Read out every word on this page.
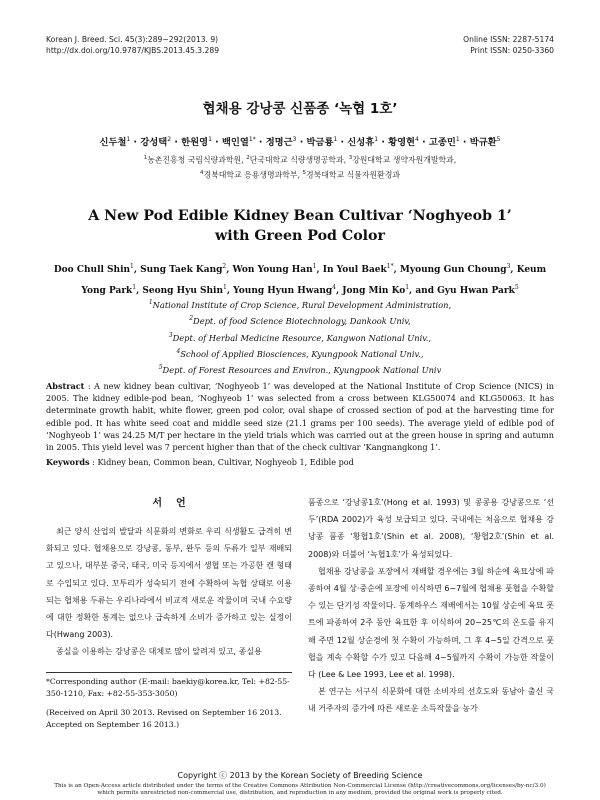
Korean J. Breed. Sci. 45(3):289~292(2013. 9)
http://dx.doi.org/10.9787/KJBS.2013.45.3.289
Online ISSN: 2287-5174
Print ISSN: 0250-3360
협채용 강낭콩 신품종 ‘녹협 1호’
신두철$^1$ · 강성택$^2$ · 한원영$^1$ · 백인열$^{1*}$ · 정명근$^3$ · 박금룡$^1$ · 신성휴$^1$ · 황영현$^4$ · 고종민$^1$ · 박규환$^5$
$^1$농촌진흥청 국립식량과학원, $^2$단국대학교 식량생명공학과, $^3$강원대학교 생약자원개발학과,
$^4$경북대학교 응용생명과학부, $^5$경북대학교 식물자원환경과
A New Pod Edible Kidney Bean Cultivar ‘Noghyeob 1’
with Green Pod Color
Doo Chull Shin$^1$, Sung Taek Kang$^2$, Won Young Han$^1$, In Youl Baek$^{1*}$, Myoung Gun Choung$^3$, Keum Yong Park$^1$, Seong Hyu Shin$^1$, Young Hyun Hwang$^4$, Jong Min Ko$^1$, and Gyu Hwan Park$^5$
$^1$National Institute of Crop Science, Rural Development Administration,
$^2$Dept. of food Science Biotechnology, Dankook Univ,
$^3$Dept. of Herbal Medicine Resource, Kangwon National Univ.,
$^4$School of Applied Biosciences, Kyungpook National Univ.,
$^5$Dept. of Forest Resources and Environ., Kyungpook National Univ
Abstract : A new kidney bean cultivar, ‘Noghyeob 1’ was developed at the National Institute of Crop Science (NICS) in 2005. The kidney edible-pod bean, ‘Noghyeob 1’ was selected from a cross between KLG50074 and KLG50063. It has determinate growth habit, white flower, green pod color, oval shape of crossed section of pod at the harvesting time for edible pod. It has white seed coat and middle seed size (21.1 grams per 100 seeds). The average yield of edible pod of ‘Noghyeob 1’ was 24.25 M/T per hectare in the yield trials which was carried out at the green house in spring and autumn in 2005. This yield level was 7 percent higher than that of the check cultivar ‘Kangnangkong 1’.
Keywords : Kidney bean, Common bean, Cultivar, Noghyeob 1, Edible pod
서언

최근 양식 산업의 발달과 식문화의 변화로 우리 식생활도 급격히 변화되고 있다. 협채용으로 강낭콩, 동부, 완두 등의 두류가 일부 재배되고 있으나, 대부분 중국, 태국, 미국 등지에서 생협 또는 가공한 캔 형태로 수입되고 있다. 꼬투리가 성숙되기 전에 수확하여 녹협 상태로 이용되는 협채용 두류는 우리나라에서 비교적 새로운 작물이며 국내 수요량에 대한 정확한 통계는 없으나 급속하게 소비가 증가하고 있는 실정이다(Hwang 2003).

종실을 이용하는 강낭콩은 대체로 많이 알려져 있고, 종실용

품종으로 ‘강낭콩1호’(Hong et al. 1993) 및 콩콩용 강낭콩으로 ‘선두’(RDA 2002)가 육성 보급되고 있다. 국내에는 처음으로 협채용 강낭콩 품종 ‘황협1호’(Shin et al. 2008), ‘황협2호’(Shin et al. 2008)와 더불어 ‘녹협1호’가 육성되었다.

협채용 강낭콩을 포장에서 재배할 경우에는 3월 하순에 육묘상에 파종하여 4월 상·중순에 포장에 이식하면 6~7월에 협채용 풋협을 수확할 수 있는 단기성 작물이다. 동계하우스 재배에서는 10월 상순에 육묘 폿트에 파종하여 2주 동안 육묘한 후 이식하여 20~25℃의 온도를 유지해 주면 12월 상순경에 첫 수확이 가능하며, 그 후 4~5일 간격으로 풋협을 계속 수확할 수가 있고 다음해 4~5월까지 수확이 가능한 작물이다 (Lee & Lee 1993, Lee et al. 1998).

본 연구는 서구식 식문화에 대한 소비자의 선호도와 동남아 출신 국내 거주자의 증가에 따른 새로운 소득작물을 농가

*Corresponding author (E-mail: baekiy@korea.kr, Tel: +82-55-350-1210, Fax: +82-55-353-3050)
(Received on April 30 2013. Revised on September 16 2013. Accepted on September 16 2013.)
Copyright ⓒ 2013 by the Korean Society of Breeding Science
This is an Open-Access article distributed under the terms of the Creative Commons Attribution Non-Commercial License (http://creativecommons.org/licenses/by-nc/3.0)
which permits unrestricted non-commercial use, distribution, and reproduction in any medium, provided the original work is properly cited.
